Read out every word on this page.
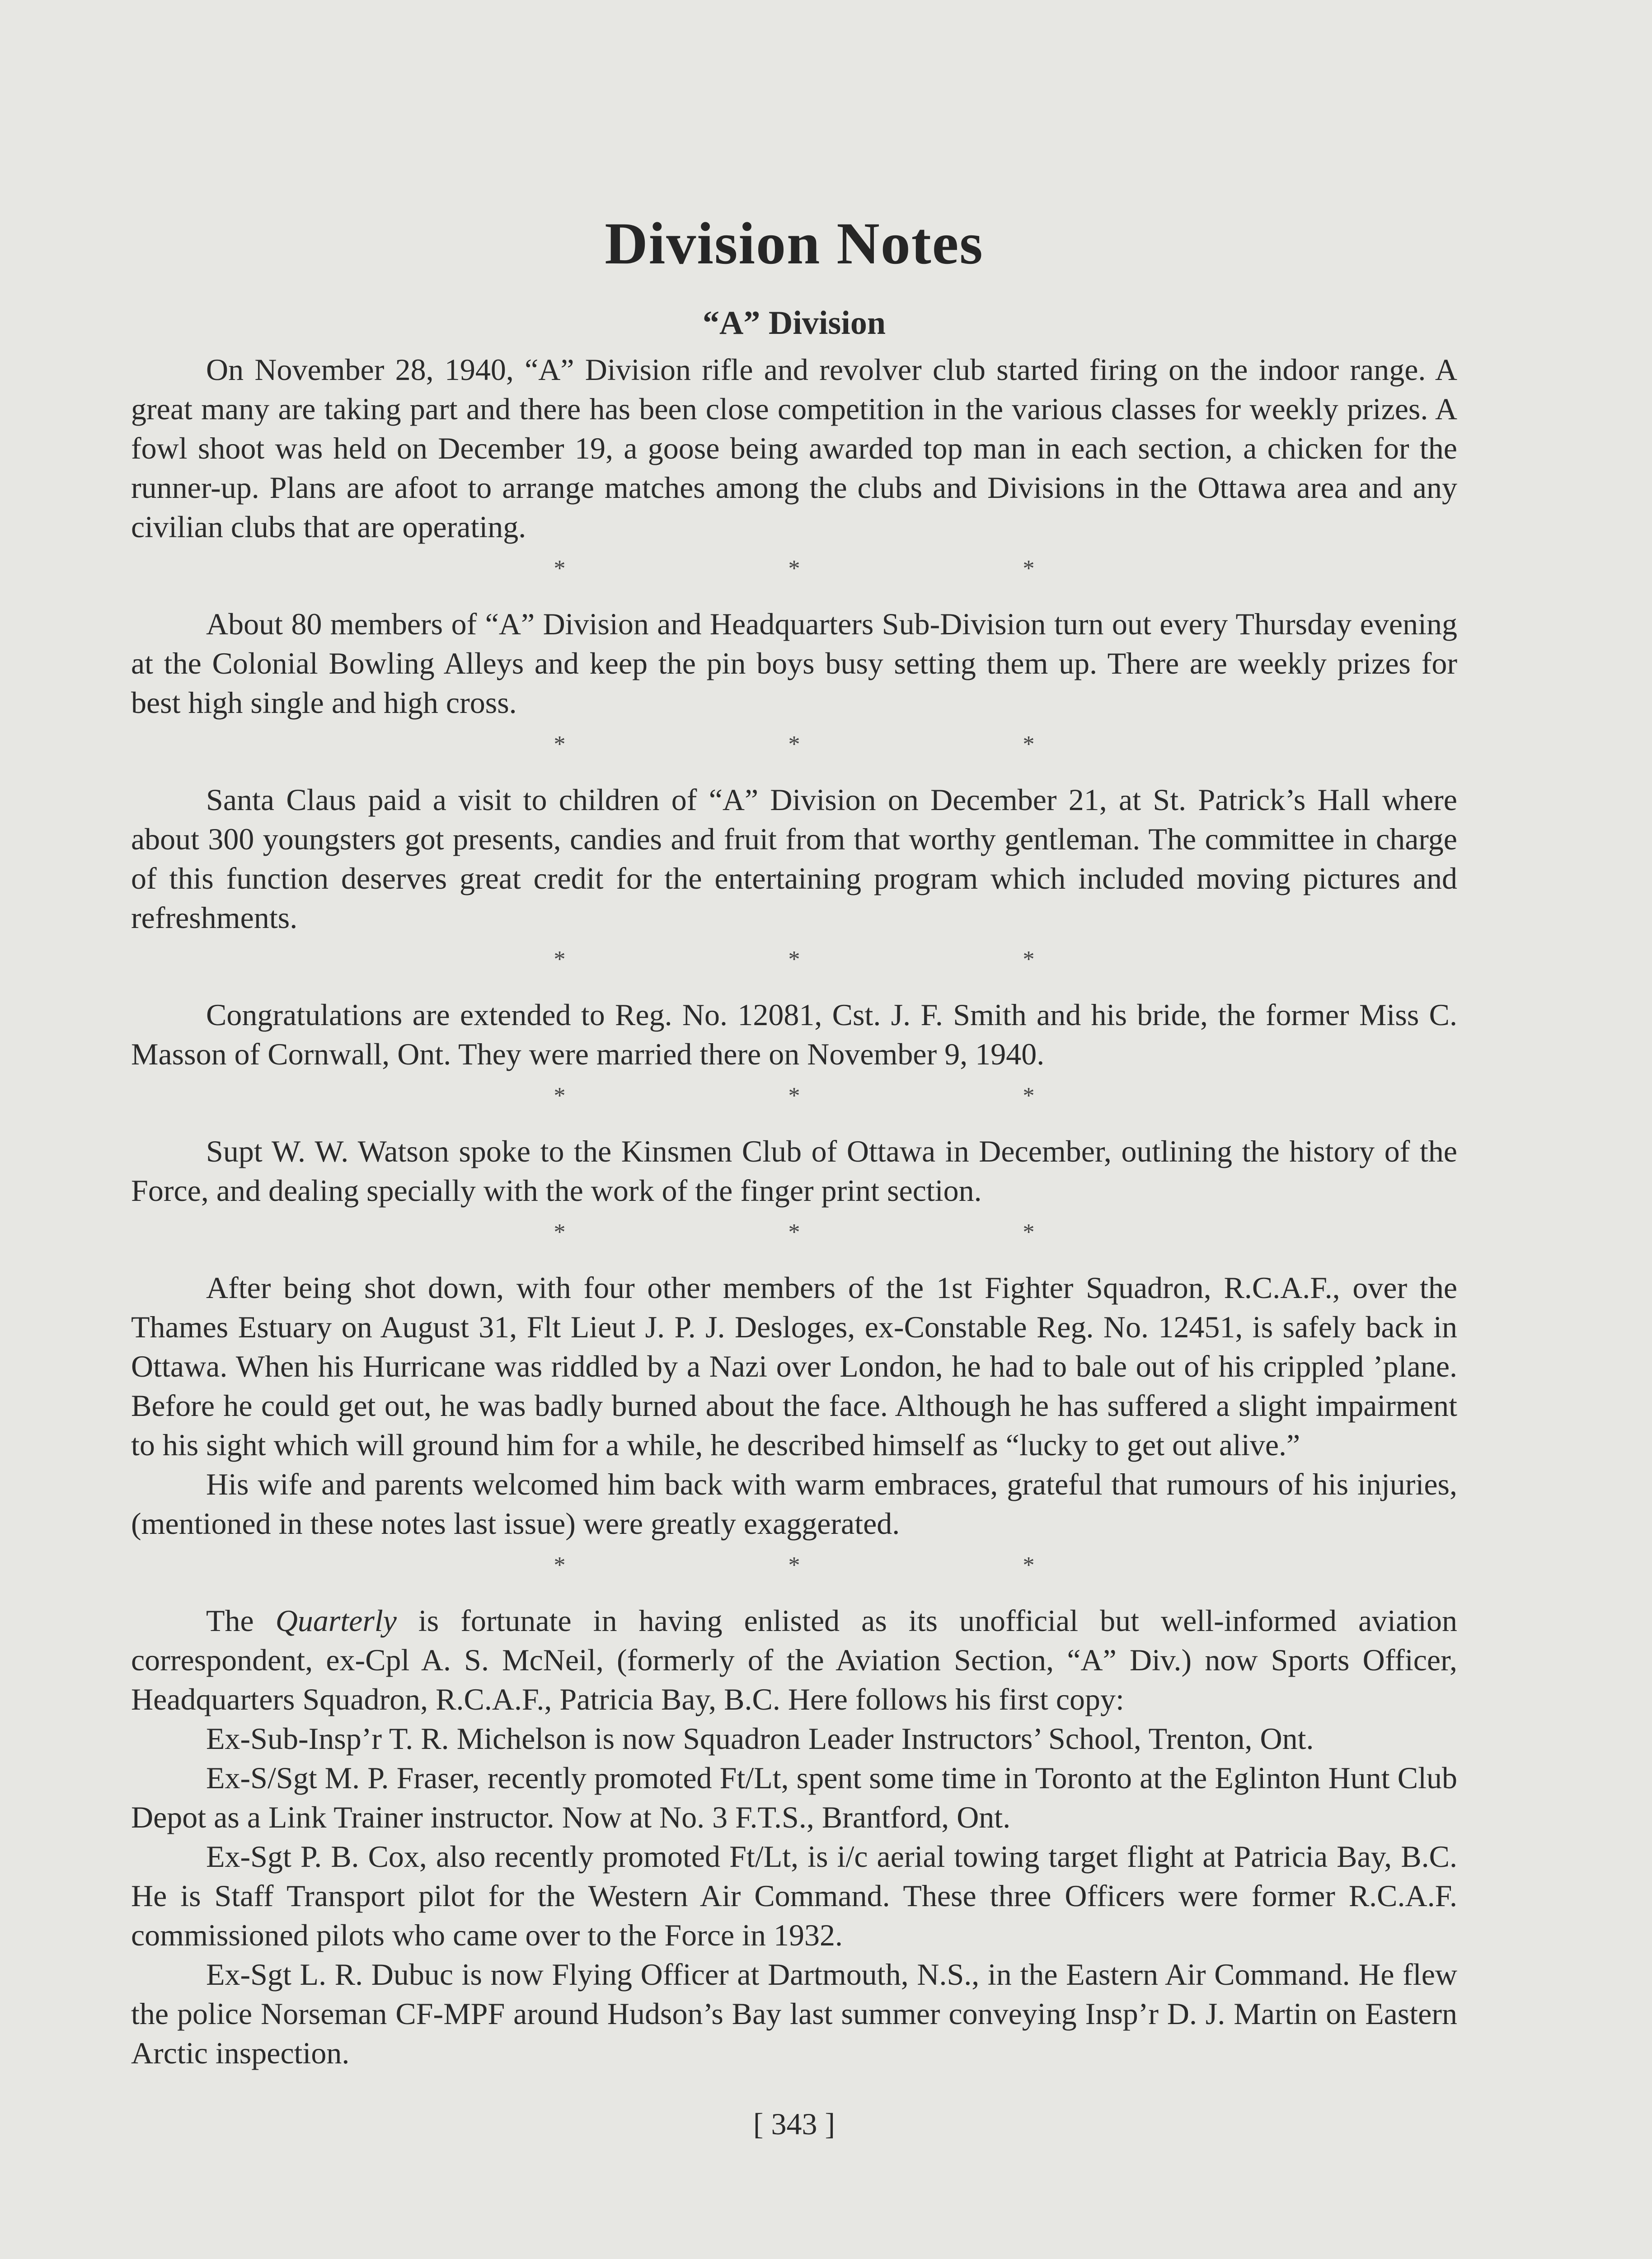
Division Notes
“A” Division

On November 28, 1940, “A” Division rifle and revolver club started firing on the indoor range. A great many are taking part and there has been close competition in the various classes for weekly prizes. A fowl shoot was held on December 19, a goose being awarded top man in each section, a chicken for the runner-up. Plans are afoot to arrange matches among the clubs and Divisions in the Ottawa area and any civilian clubs that are operating.

* * *

About 80 members of “A” Division and Headquarters Sub-Division turn out every Thursday evening at the Colonial Bowling Alleys and keep the pin boys busy setting them up. There are weekly prizes for best high single and high cross.

* * *

Santa Claus paid a visit to children of “A” Division on December 21, at St. Patrick’s Hall where about 300 youngsters got presents, candies and fruit from that worthy gentleman. The committee in charge of this function deserves great credit for the entertaining program which included moving pictures and refreshments.

* * *

Congratulations are extended to Reg. No. 12081, Cst. J. F. Smith and his bride, the former Miss C. Masson of Cornwall, Ont. They were married there on November 9, 1940.

* * *

Supt W. W. Watson spoke to the Kinsmen Club of Ottawa in December, outlining the history of the Force, and dealing specially with the work of the finger print section.

* * *

After being shot down, with four other members of the 1st Fighter Squadron, R.C.A.F., over the Thames Estuary on August 31, Flt Lieut J. P. J. Desloges, ex-Constable Reg. No. 12451, is safely back in Ottawa. When his Hurricane was riddled by a Nazi over London, he had to bale out of his crippled ’plane. Before he could get out, he was badly burned about the face. Although he has suffered a slight impairment to his sight which will ground him for a while, he described himself as “lucky to get out alive.”

His wife and parents welcomed him back with warm embraces, grateful that rumours of his injuries, (mentioned in these notes last issue) were greatly exaggerated.

* * *

The Quarterly is fortunate in having enlisted as its unofficial but well-informed aviation correspondent, ex-Cpl A. S. McNeil, (formerly of the Aviation Section, “A” Div.) now Sports Officer, Headquarters Squadron, R.C.A.F., Patricia Bay, B.C. Here follows his first copy:

Ex-Sub-Insp’r T. R. Michelson is now Squadron Leader Instructors’ School, Trenton, Ont.

Ex-S/Sgt M. P. Fraser, recently promoted Ft/Lt, spent some time in Toronto at the Eglinton Hunt Club Depot as a Link Trainer instructor. Now at No. 3 F.T.S., Brantford, Ont.

Ex-Sgt P. B. Cox, also recently promoted Ft/Lt, is i/c aerial towing target flight at Patricia Bay, B.C. He is Staff Transport pilot for the Western Air Command. These three Officers were former R.C.A.F. commissioned pilots who came over to the Force in 1932.

Ex-Sgt L. R. Dubuc is now Flying Officer at Dartmouth, N.S., in the Eastern Air Command. He flew the police Norseman CF-MPF around Hudson’s Bay last summer conveying Insp’r D. J. Martin on Eastern Arctic inspection.

[ 343 ]
